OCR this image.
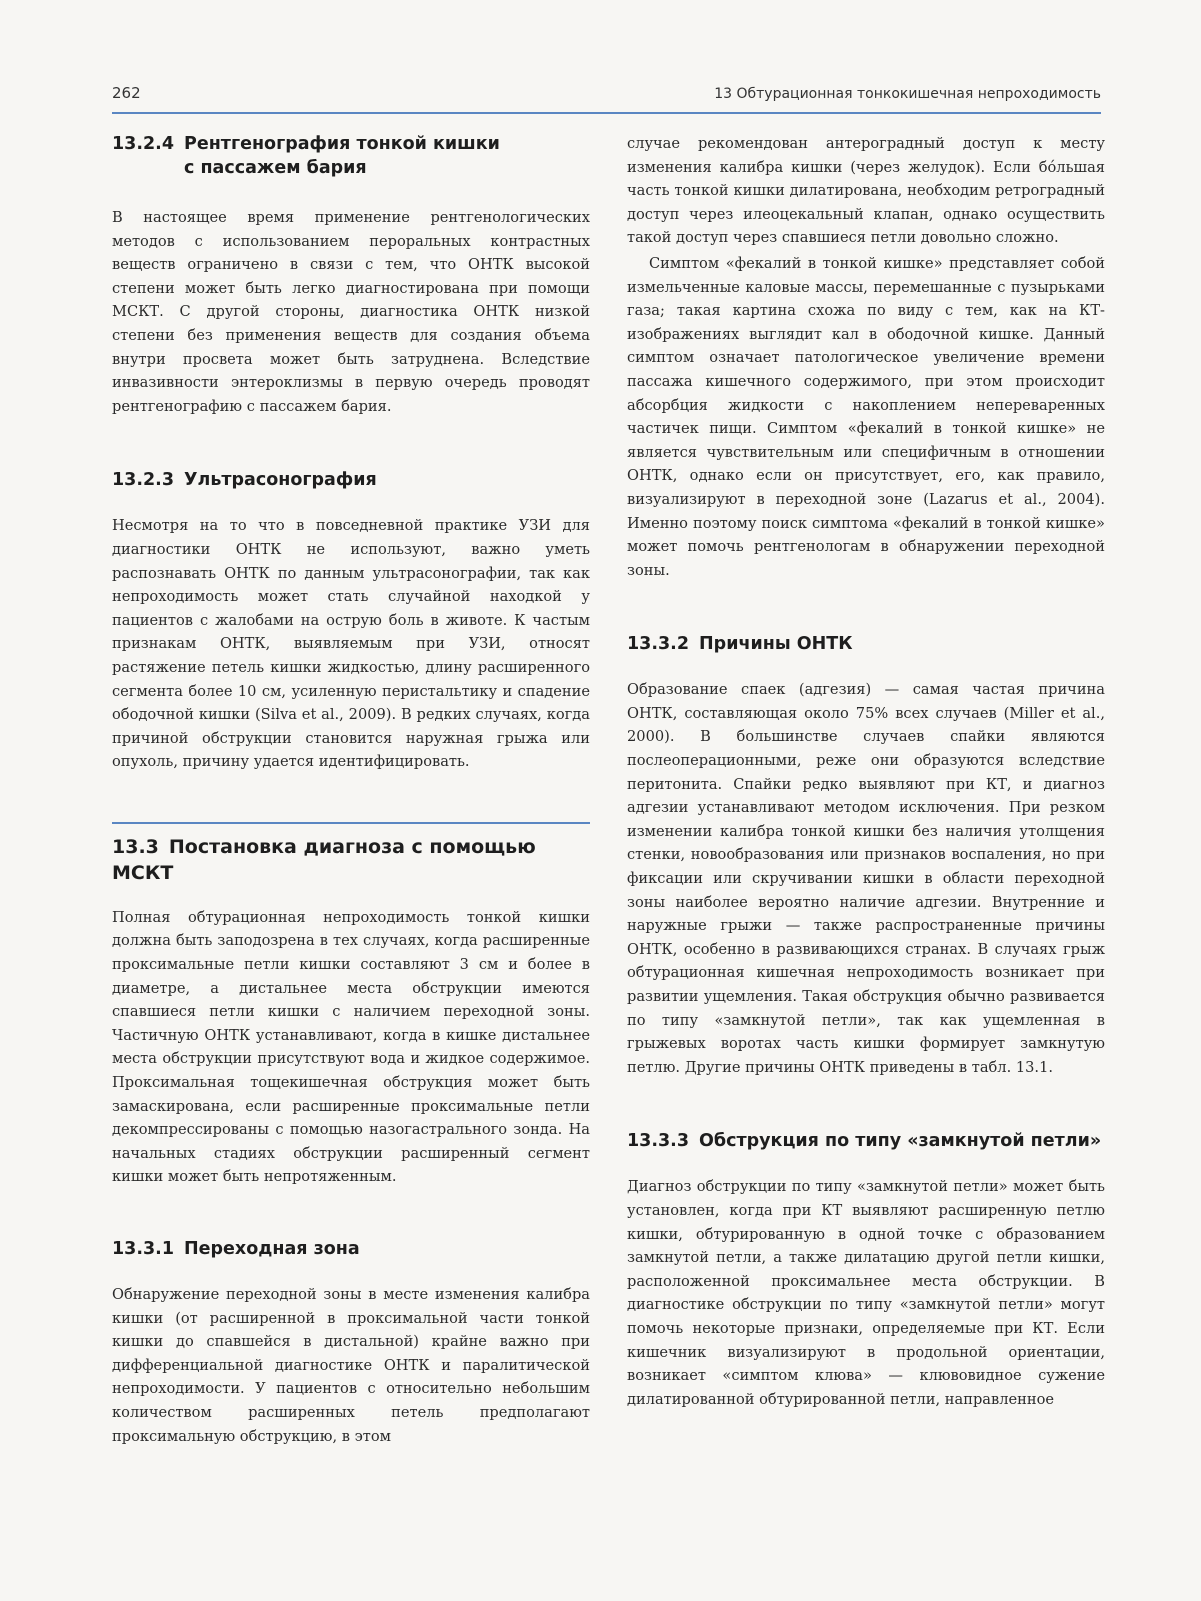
262	13 Обтурационная тонкокишечная непроходимость
13.2.4 Рентгенография тонкой кишки
с пассажем бария

В настоящее время применение рентгенологических методов с использованием пероральных контрастных веществ ограничено в связи с тем, что ОНТК высокой степени может быть легко диагностирована при помощи МСКТ. С другой стороны, диагностика ОНТК низкой степени без применения веществ для создания объема внутри просвета может быть затруднена. Вследствие инвазивности энтероклизмы в первую очередь проводят рентгенографию с пассажем бария.

13.2.3 Ультрасонография

Несмотря на то что в повседневной практике УЗИ для диагностики ОНТК не используют, важно уметь распознавать ОНТК по данным ультрасонографии, так как непроходимость может стать случайной находкой у пациентов с жалобами на острую боль в животе. К частым признакам ОНТК, выявляемым при УЗИ, относят растяжение петель кишки жидкостью, длину расширенного сегмента более 10 см, усиленную перистальтику и спадение ободочной кишки (Silva et al., 2009). В редких случаях, когда причиной обструкции становится наружная грыжа или опухоль, причину удается идентифицировать.

13.3 Постановка диагноза с помощью МСКТ

Полная обтурационная непроходимость тонкой кишки должна быть заподозрена в тех случаях, когда расширенные проксимальные петли кишки составляют 3 см и более в диаметре, а дистальнее места обструкции имеются спавшиеся петли кишки с наличием переходной зоны. Частичную ОНТК устанавливают, когда в кишке дистальнее места обструкции присутствуют вода и жидкое содержимое. Проксимальная тощекишечная обструкция может быть замаскирована, если расширенные проксимальные петли декомпрессированы с помощью назогастрального зонда. На начальных стадиях обструкции расширенный сегмент кишки может быть непротяженным.

13.3.1 Переходная зона

Обнаружение переходной зоны в месте изменения калибра кишки (от расширенной в проксимальной части тонкой кишки до спавшейся в дистальной) крайне важно при дифференциальной диагностике ОНТК и паралитической непроходимости. У пациентов с относительно небольшим количеством расширенных петель предполагают проксимальную обструкцию, в этом

случае рекомендован антероградный доступ к месту изменения калибра кишки (через желудок). Если бóльшая часть тонкой кишки дилатирована, необходим ретроградный доступ через илеоцекальный клапан, однако осуществить такой доступ через спавшиеся петли довольно сложно.

Симптом «фекалий в тонкой кишке» представляет собой измельченные каловые массы, перемешанные с пузырьками газа; такая картина схожа по виду с тем, как на КТ-изображениях выглядит кал в ободочной кишке. Данный симптом означает патологическое увеличение времени пассажа кишечного содержимого, при этом происходит абсорбция жидкости с накоплением непереваренных частичек пищи. Симптом «фекалий в тонкой кишке» не является чувствительным или специфичным в отношении ОНТК, однако если он присутствует, его, как правило, визуализируют в переходной зоне (Lazarus et al., 2004). Именно поэтому поиск симптома «фекалий в тонкой кишке» может помочь рентгенологам в обнаружении переходной зоны.

13.3.2 Причины ОНТК

Образование спаек (адгезия) — самая частая причина ОНТК, составляющая около 75% всех случаев (Miller et al., 2000). В большинстве случаев спайки являются послеоперационными, реже они образуются вследствие перитонита. Спайки редко выявляют при КТ, и диагноз адгезии устанавливают методом исключения. При резком изменении калибра тонкой кишки без наличия утолщения стенки, новообразования или признаков воспаления, но при фиксации или скручивании кишки в области переходной зоны наиболее вероятно наличие адгезии. Внутренние и наружные грыжи — также распространенные причины ОНТК, особенно в развивающихся странах. В случаях грыж обтурационная кишечная непроходимость возникает при развитии ущемления. Такая обструкция обычно развивается по типу «замкнутой петли», так как ущемленная в грыжевых воротах часть кишки формирует замкнутую петлю. Другие причины ОНТК приведены в табл. 13.1.

13.3.3 Обструкция по типу «замкнутой петли»

Диагноз обструкции по типу «замкнутой петли» может быть установлен, когда при КТ выявляют расширенную петлю кишки, обтурированную в одной точке с образованием замкнутой петли, а также дилатацию другой петли кишки, расположенной проксимальнее места обструкции. В диагностике обструкции по типу «замкнутой петли» могут помочь некоторые признаки, определяемые при КТ. Если кишечник визуализируют в продольной ориентации, возникает «симптом клюва» — клювовидное сужение дилатированной обтурированной петли, направленное
